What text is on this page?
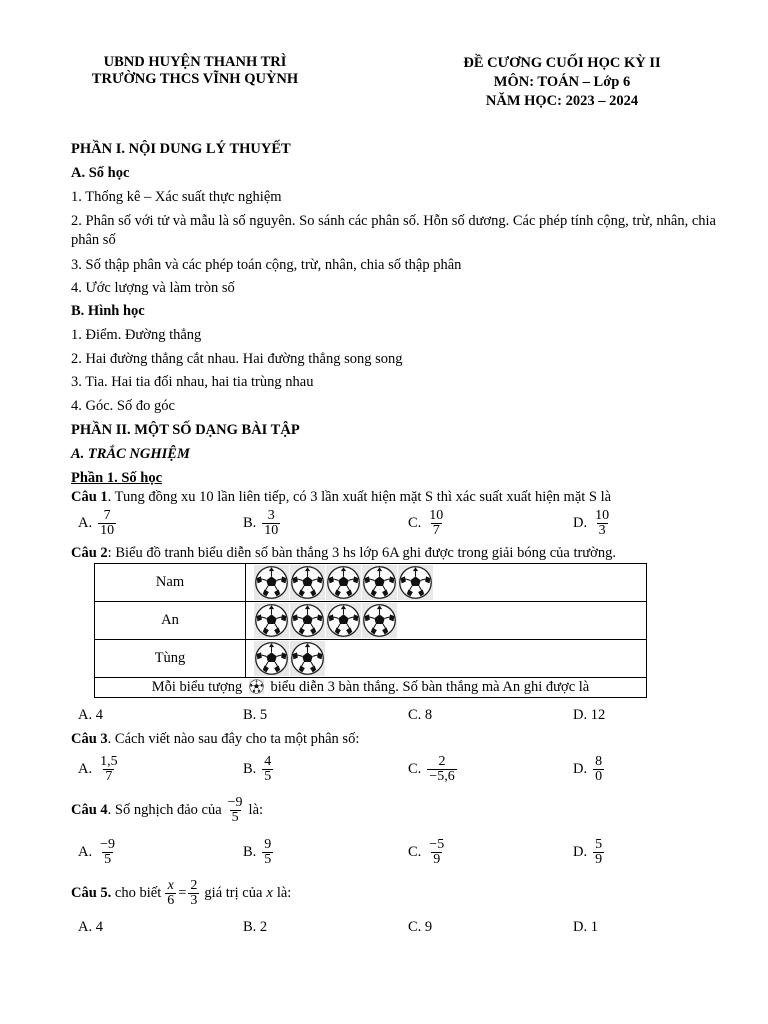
UBND HUYỆN THANH TRÌ
TRƯỜNG THCS VĨNH QUỲNH
ĐỀ CƯƠNG CUỐI HỌC KỲ II
MÔN: TOÁN – Lớp 6
NĂM HỌC: 2023 – 2024
PHẦN I. NỘI DUNG LÝ THUYẾT
A. Số học
1. Thống kê – Xác suất thực nghiệm
2. Phân số với tử và mẫu là số nguyên. So sánh các phân số. Hỗn số dương. Các phép tính cộng, trừ, nhân, chia phân số
3. Số thập phân và các phép toán cộng, trừ, nhân, chia số thập phân
4. Ước lượng và làm tròn số
B. Hình học
1. Điểm. Đường thẳng
2. Hai đường thẳng cắt nhau. Hai đường thẳng song song
3. Tia. Hai tia đối nhau, hai tia trùng nhau
4. Góc. Số đo góc
PHẦN II. MỘT SỐ DẠNG BÀI TẬP
A. TRẮC NGHIỆM
Phần 1. Số học
Câu 1. Tung đồng xu 10 lần liên tiếp, có 3 lần xuất hiện mặt S thì xác suất xuất hiện mặt S là
A. $\frac{7}{10}$	B. $\frac{3}{10}$	C. $\frac{10}{7}$	D. $\frac{10}{3}$
Câu 2: Biểu đồ tranh biểu diễn số bàn thắng 3 hs lớp 6A ghi được trong giải bóng của trường.
Nam	

An	

Tùng	

Mỗi biểu tượng biểu diễn 3 bàn thắng. Số bàn thắng mà An ghi được là	
A. 4	B. 5	C. 8	D. 12
Câu 3. Cách viết nào sau đây cho ta một phân số:
A. $\frac{1,5}{7}$	B. $\frac{4}{5}$	C. $\frac{2}{-5,6}$	D. $\frac{8}{0}$
Câu 4 . Số nghịch đảo của $\frac{-9}{5}$ là:
A. $\frac{-9}{5}$	B. $\frac{9}{5}$	C. $\frac{-5}{9}$	D. $\frac{5}{9}$
Câu 5. cho biết $\frac{x}{6} = \frac{2}{3}$ giá trị của x là:
A. 4	B. 2	C. 9	D. 1
